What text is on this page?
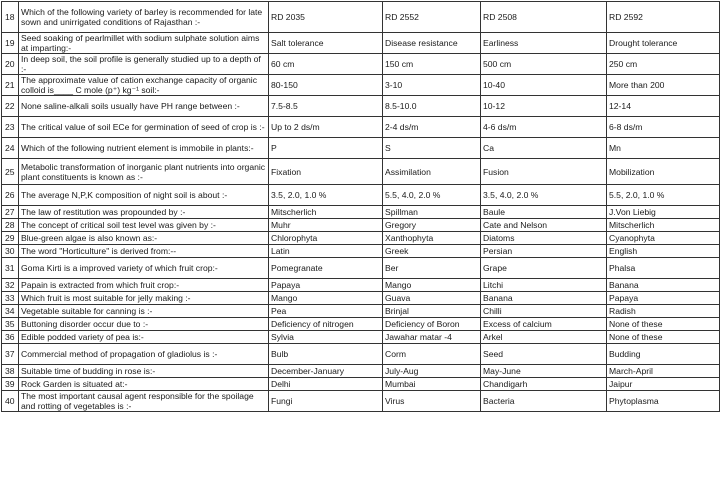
18	Which of the following variety of barley is recommended for late sown and unirrigated conditions of Rajasthan :-	RD 2035	RD 2552	RD 2508	RD 2592
19	Seed soaking of pearlmillet with sodium sulphate solution aims at imparting:-	Salt tolerance	Disease resistance	Earliness	Drought tolerance
20	In deep soil, the soil profile is generally studied up to a depth of :-	60 cm	150 cm	500 cm	250 cm
21	The approximate value of cation exchange capacity of organic colloid is____ C mole (p⁺) kg⁻¹ soil:-	80-150	3-10	10-40	More than 200
22	None saline-alkali soils usually have PH range between :-	7.5-8.5	8.5-10.0	10-12	12-14
23	The critical value of soil ECe for germination of seed of crop is :-	Up to 2 ds/m	2-4 ds/m	4-6 ds/m	6-8 ds/m
24	Which of the following nutrient element is immobile in plants:-	P	S	Ca	Mn
25	Metabolic transformation of inorganic plant nutrients into organic plant constituents is known as :-	Fixation	Assimilation	Fusion	Mobilization
26	The average N,P,K composition of night soil is about :-	3.5, 2.0, 1.0 %	5.5, 4.0, 2.0 %	3.5, 4.0, 2.0 %	5.5, 2.0, 1.0 %
27	The law of restitution was propounded by :-	Mitscherlich	Spillman	Baule	J.Von Liebig
28	The concept of critical soil test level was given by :-	Muhr	Gregory	Cate and Nelson	Mitscherlich
29	Blue-green algae is also known as:-	Chlorophyta	Xanthophyta	Diatoms	Cyanophyta
30	The word "Horticulture" is derived from:--	Latin	Greek	Persian	English
31	Goma Kirti is a improved variety of which fruit crop:-	Pomegranate	Ber	Grape	Phalsa
32	Papain is extracted from which fruit crop:-	Papaya	Mango	Litchi	Banana
33	Which fruit is most suitable for jelly making :-	Mango	Guava	Banana	Papaya
34	Vegetable suitable for canning is :-	Pea	Brinjal	Chilli	Radish
35	Buttoning disorder occur due to :-	Deficiency of nitrogen	Deficiency of Boron	Excess of calcium	None of these
36	Edible podded variety of pea is:-	Sylvia	Jawahar matar -4	Arkel	None of these
37	Commercial method of propagation of gladiolus is :-	Bulb	Corm	Seed	Budding
38	Suitable time of budding in rose is:-	December-January	July-Aug	May-June	March-April
39	Rock Garden is situated at:-	Delhi	Mumbai	Chandigarh	Jaipur
40	The most important causal agent responsible for the spoilage and rotting of vegetables is :-	Fungi	Virus	Bacteria	Phytoplasma
